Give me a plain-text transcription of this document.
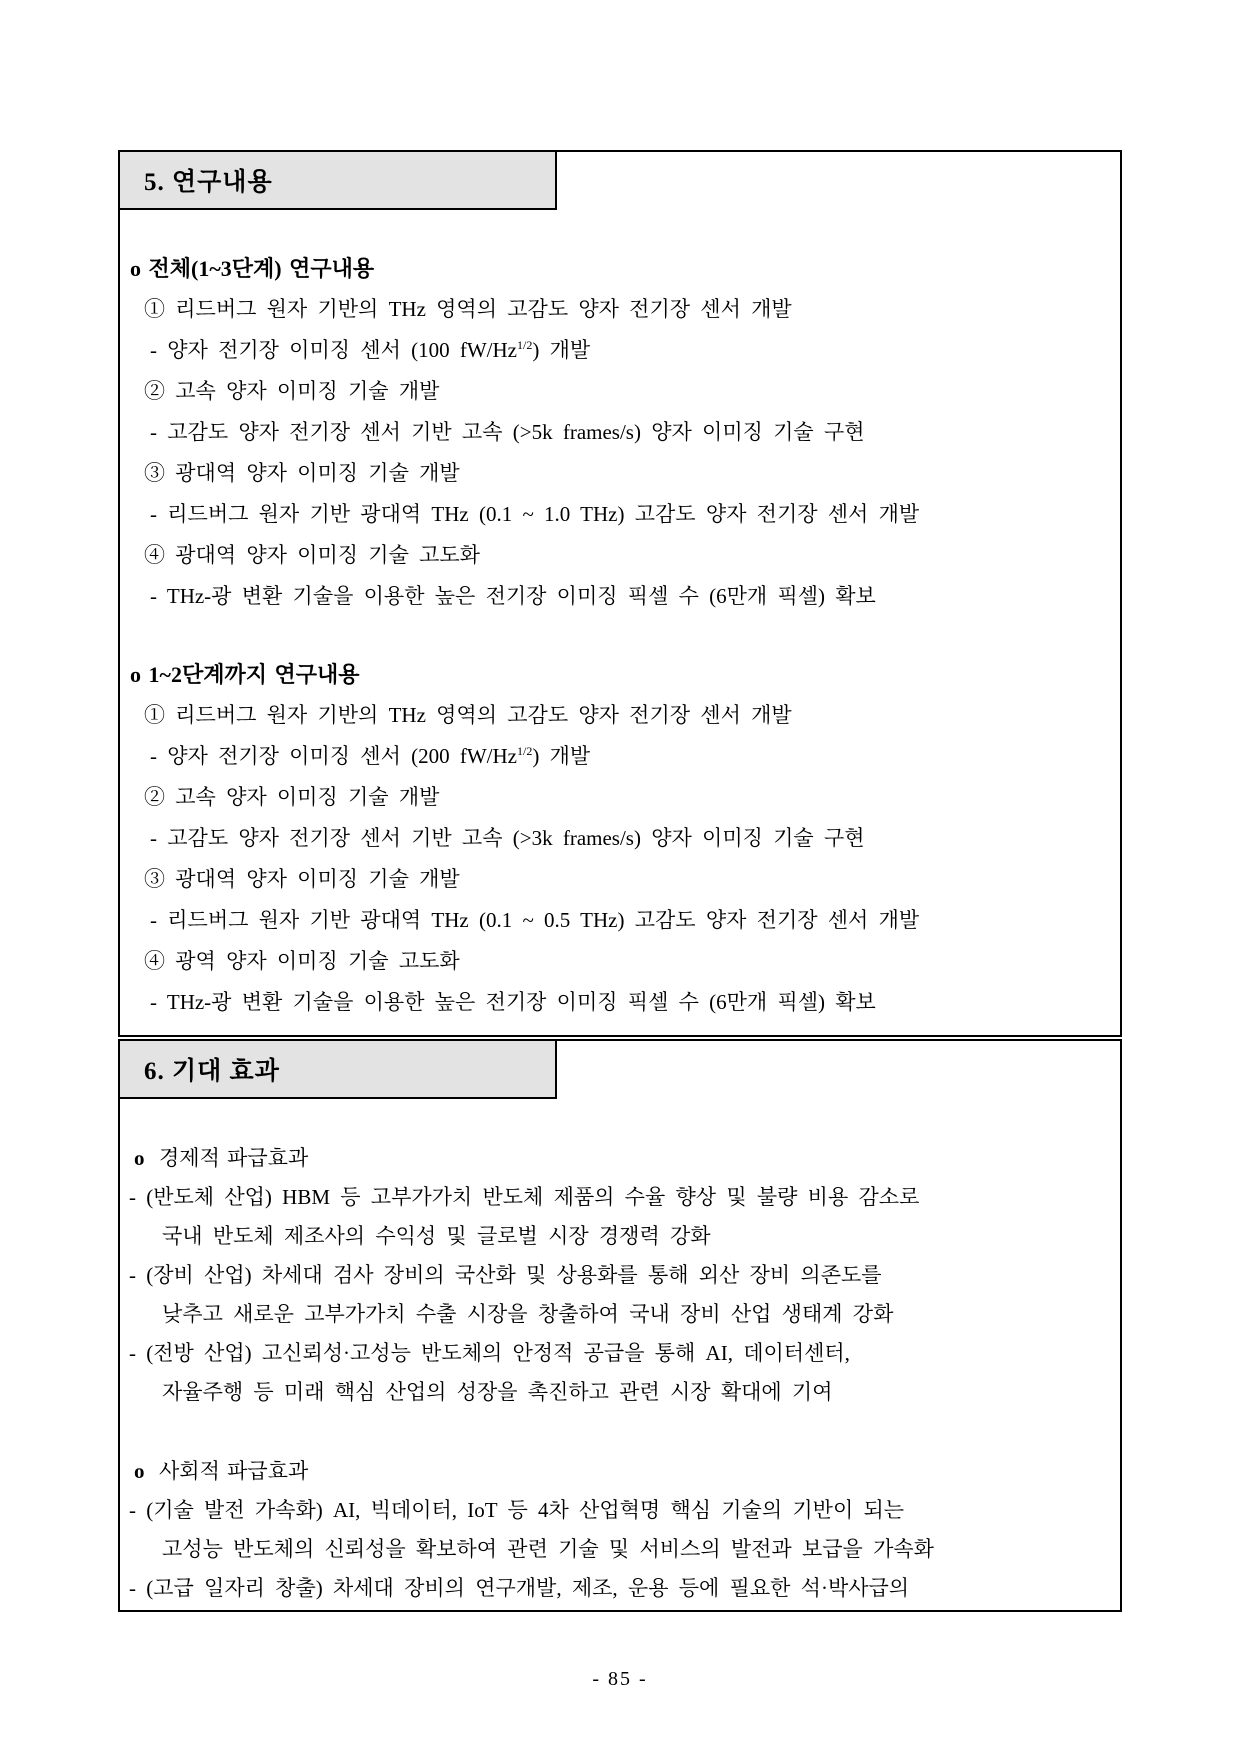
5. 연구내용
o 전체(1~3단계) 연구내용
① 리드버그 원자 기반의 THz 영역의 고감도 양자 전기장 센서 개발
- 양자 전기장 이미징 센서 (100 $fW/Hz^{1/2}$) 개발
② 고속 양자 이미징 기술 개발
- 고감도 양자 전기장 센서 기반 고속 (>5k frames/s) 양자 이미징 기술 구현
③ 광대역 양자 이미징 기술 개발
- 리드버그 원자 기반 광대역 THz (0.1 ~ 1.0 THz) 고감도 양자 전기장 센서 개발
④ 광대역 양자 이미징 기술 고도화
- THz-광 변환 기술을 이용한 높은 전기장 이미징 픽셀 수 (6만개 픽셀) 확보
o 1~2단계까지 연구내용
① 리드버그 원자 기반의 THz 영역의 고감도 양자 전기장 센서 개발
- 양자 전기장 이미징 센서 (200 $fW/Hz^{1/2}$) 개발
② 고속 양자 이미징 기술 개발
- 고감도 양자 전기장 센서 기반 고속 (>3k frames/s) 양자 이미징 기술 구현
③ 광대역 양자 이미징 기술 개발
- 리드버그 원자 기반 광대역 THz (0.1 ~ 0.5 THz) 고감도 양자 전기장 센서 개발
④ 광역 양자 이미징 기술 고도화
- THz-광 변환 기술을 이용한 높은 전기장 이미징 픽셀 수 (6만개 픽셀) 확보
6. 기대 효과
o  경제적 파급효과
- (반도체 산업) HBM 등 고부가가치 반도체 제품의 수율 향상 및 불량 비용 감소로
국내 반도체 제조사의 수익성 및 글로벌 시장 경쟁력 강화
- (장비 산업) 차세대 검사 장비의 국산화 및 상용화를 통해 외산 장비 의존도를
낮추고 새로운 고부가가치 수출 시장을 창출하여 국내 장비 산업 생태계 강화
- (전방 산업) 고신뢰성·고성능 반도체의 안정적 공급을 통해 AI, 데이터센터,
자율주행 등 미래 핵심 산업의 성장을 촉진하고 관련 시장 확대에 기여
o  사회적 파급효과
- (기술 발전 가속화) AI, 빅데이터, IoT 등 4차 산업혁명 핵심 기술의 기반이 되는
고성능 반도체의 신뢰성을 확보하여 관련 기술 및 서비스의 발전과 보급을 가속화
- (고급 일자리 창출) 차세대 장비의 연구개발, 제조, 운용 등에 필요한 석·박사급의
- 85 -
